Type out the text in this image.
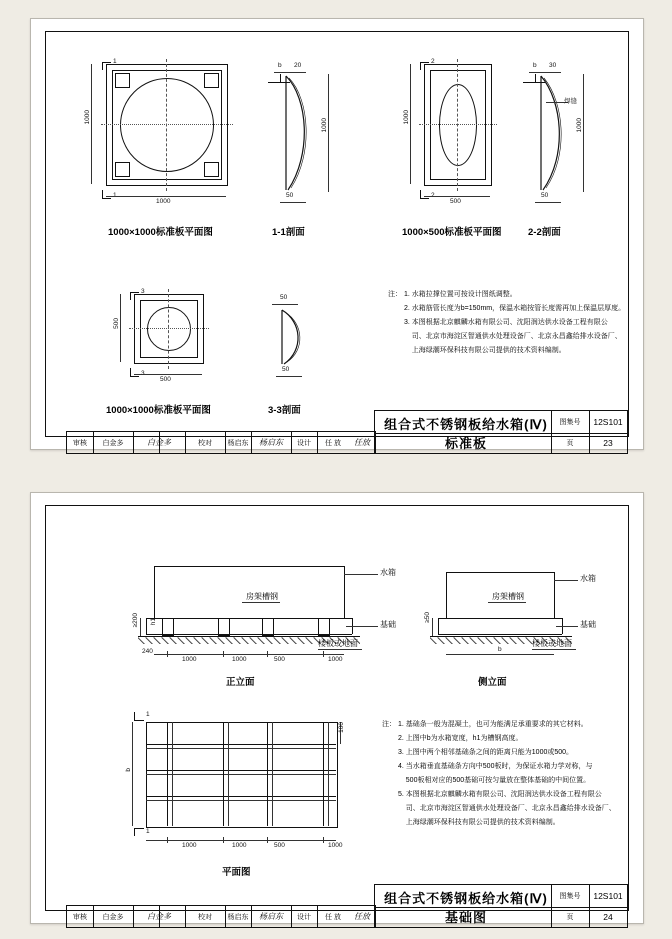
1
1
1000
1000
1000×1000标准板平面图
b 20
1000
50
1-1剖面
2
2
500
1000
1000×500标准板平面图
b 30
焊缝
1000
50
2-2剖面
3
3
500
500
1000×1000标准板平面图
50
50
3-3剖面
注： 1. 水箱拉撑位置可按设计图纸调整。
2. 水箱筋管长度为b=150mm，保温水箱按管长度需再加上保温层厚度。
3. 本图根据北京麒麟水箱有限公司、沈阳润达供水设备工程有限公
司、北京市海淀区智通供水处理设备厂、北京永昌鑫给排水设备厂、
上海绿潮环保科技有限公司提供的技术资料编制。
组合式不锈钢板给水箱(Ⅳ)标准板
图集号	12S101
页	23
审核	白金多	白金多	校对	杨启东	杨启东	设计	任 放	任放
水箱
基础
房架槽钢
楼板或地面
≥200 h1
240
1000	1000	500	1000
正立面
水箱
基础
房架槽钢
楼板或地面
≥50
b
侧立面
1
1
b
100
1000	1000	500	1000
平面图
注： 1. 基础条一般为混凝土，也可为能满足承重要求的其它材料。
2. 上图中b为水箱宽度，h1为槽钢高度。
3. 上图中两个相邻基础条之间的距离只能为1000或500。
4. 当水箱垂直基础条方向中500板时，为保证水箱力学对称，与
500板相对应的500基础可按匀量放在整体基础的中间位置。
5. 本图根据北京麒麟水箱有限公司、沈阳润达供水设备工程有限公
司、北京市海淀区智通供水处理设备厂、北京永昌鑫给排水设备厂、
上海绿潮环保科技有限公司提供的技术资料编制。
组合式不锈钢板给水箱(Ⅳ)基础图
图集号	12S101
页	24
审核	白金多	白金多	校对	杨启东	杨启东	设计	任 放	任放
